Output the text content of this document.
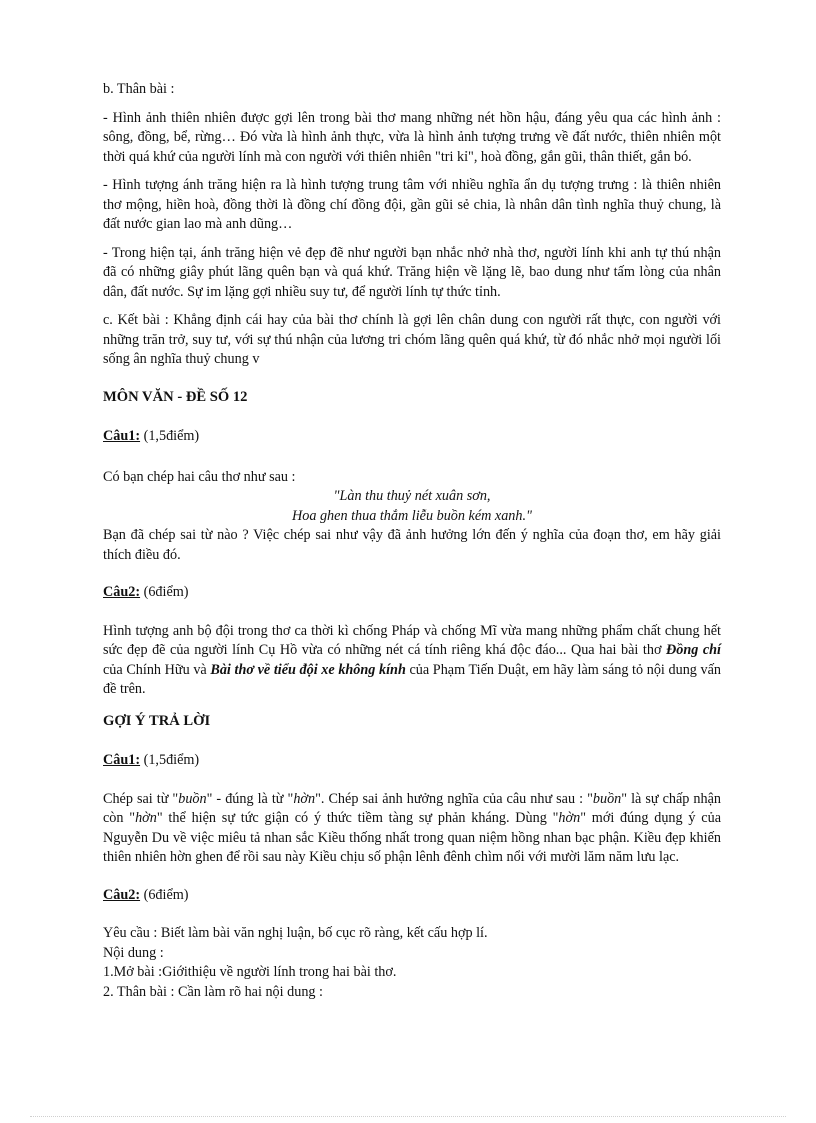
b. Thân bài :

- Hình ảnh thiên nhiên được gợi lên trong bài thơ mang những nét hồn hậu, đáng yêu qua các hình ảnh : sông, đồng, bể, rừng… Đó vừa là hình ảnh thực, vừa là hình ảnh tượng trưng về đất nước, thiên nhiên một thời quá khứ của người lính mà con người với thiên nhiên "tri kỉ", hoà đồng, gắn gũi, thân thiết, gắn bó.

- Hình tượng ánh trăng hiện ra là hình tượng trung tâm với nhiều nghĩa ẩn dụ tượng trưng : là thiên nhiên thơ mộng, hiền hoà, đồng thời là đồng chí đồng đội, gần gũi sẻ chia, là nhân dân tình nghĩa thuỷ chung, là đất nước gian lao mà anh dũng…

- Trong hiện tại, ánh trăng hiện vẻ đẹp đẽ như người bạn nhắc nhở nhà thơ, người lính khi anh tự thú nhận đã có những giây phút lãng quên bạn và quá khứ. Trăng hiện về lặng lẽ, bao dung như tấm lòng của nhân dân, đất nước. Sự im lặng gợi nhiều suy tư, để người lính tự thức tỉnh.

c. Kết bài : Khẳng định cái hay của bài thơ chính là gợi lên chân dung con người rất thực, con người với những trăn trở, suy tư, với sự thú nhận của lương tri chóm lãng quên quá khứ, từ đó nhắc nhở mọi người lối sống ân nghĩa thuỷ chung v

MÔN VĂN - ĐỀ SỐ 12

Câu1: (1,5điểm)

Có bạn chép hai câu thơ như sau :

"Làn thu thuỷ nét xuân sơn,

Hoa ghen thua thắm liễu buồn kém xanh."

Bạn đã chép sai từ nào ? Việc chép sai như vậy đã ảnh hưởng lớn đến ý nghĩa của đoạn thơ, em hãy giải thích điều đó.

Câu2: (6điểm)

Hình tượng anh bộ đội trong thơ ca thời kì chống Pháp và chống Mĩ vừa mang những phẩm chất chung hết sức đẹp đẽ của người lính Cụ Hồ vừa có những nét cá tính riêng khá độc đáo... Qua hai bài thơ Đồng chí của Chính Hữu và Bài thơ về tiểu đội xe không kính của Phạm Tiến Duật, em hãy làm sáng tỏ nội dung vấn đề trên.

GỢI Ý TRẢ LỜI

Câu1: (1,5điểm)

Chép sai từ "buồn" - đúng là từ "hờn". Chép sai ảnh hưởng nghĩa của câu như sau : "buồn" là sự chấp nhận còn "hờn" thể hiện sự tức giận có ý thức tiềm tàng sự phản kháng. Dùng "hờn" mới đúng dụng ý của Nguyễn Du về việc miêu tả nhan sắc Kiều thống nhất trong quan niệm hồng nhan bạc phận. Kiều đẹp khiến thiên nhiên hờn ghen để rồi sau này Kiều chịu số phận lênh đênh chìm nổi với mười lăm năm lưu lạc.

Câu2: (6điểm)

Yêu cầu : Biết làm bài văn nghị luận, bố cục rõ ràng, kết cấu hợp lí.

Nội dung :

1.Mở bài :Giớithiệu về người lính trong hai bài thơ.

2. Thân bài : Cần làm rõ hai nội dung :
